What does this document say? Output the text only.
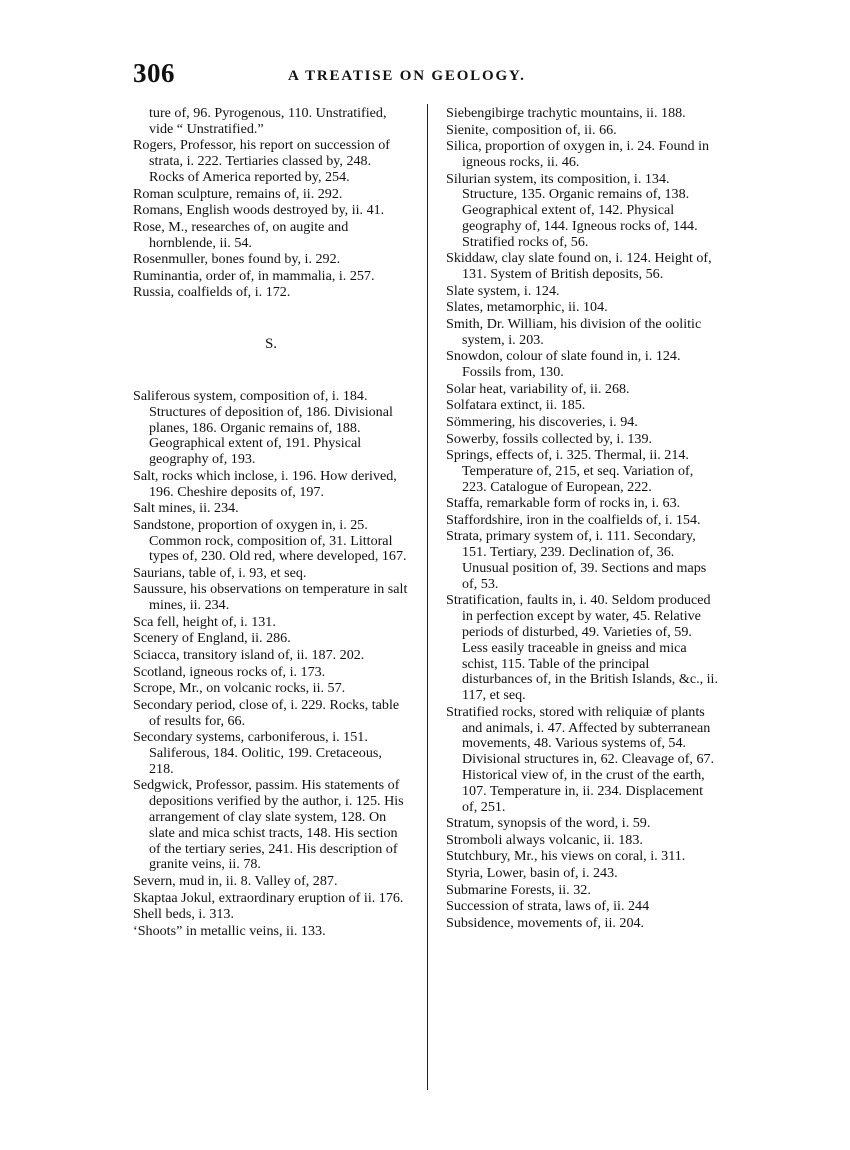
306	A TREATISE ON GEOLOGY.
ture of, 96. Pyrogenous, 110. Unstratified, vide “ Unstratified.”
Rogers, Professor, his report on succession of strata, i. 222. Tertiaries classed by, 248. Rocks of America reported by, 254.
Roman sculpture, remains of, ii. 292.
Romans, English woods destroyed by, ii. 41.
Rose, M., researches of, on augite and hornblende, ii. 54.
Rosenmuller, bones found by, i. 292.
Ruminantia, order of, in mammalia, i. 257.
Russia, coalfields of, i. 172.
S.
Saliferous system, composition of, i. 184. Structures of deposition of, 186. Divisional planes, 186. Organic remains of, 188. Geographical extent of, 191. Physical geography of, 193.
Salt, rocks which inclose, i. 196. How derived, 196. Cheshire deposits of, 197.
Salt mines, ii. 234.
Sandstone, proportion of oxygen in, i. 25. Common rock, composition of, 31. Littoral types of, 230. Old red, where developed, 167.
Saurians, table of, i. 93, et seq.
Saussure, his observations on temperature in salt mines, ii. 234.
Sca fell, height of, i. 131.
Scenery of England, ii. 286.
Sciacca, transitory island of, ii. 187. 202.
Scotland, igneous rocks of, i. 173.
Scrope, Mr., on volcanic rocks, ii. 57.
Secondary period, close of, i. 229. Rocks, table of results for, 66.
Secondary systems, carboniferous, i. 151. Saliferous, 184. Oolitic, 199. Cretaceous, 218.
Sedgwick, Professor, passim. His statements of depositions verified by the author, i. 125. His arrangement of clay slate system, 128. On slate and mica schist tracts, 148. His section of the tertiary series, 241. His description of granite veins, ii. 78.
Severn, mud in, ii. 8. Valley of, 287.
Skaptaa Jokul, extraordinary eruption of ii. 176.
Shell beds, i. 313.
‘Shoots” in metallic veins, ii. 133.
Siebengibirge trachytic mountains, ii. 188.
Sienite, composition of, ii. 66.
Silica, proportion of oxygen in, i. 24. Found in igneous rocks, ii. 46.
Silurian system, its composition, i. 134. Structure, 135. Organic remains of, 138. Geographical extent of, 142. Physical geography of, 144. Igneous rocks of, 144. Stratified rocks of, 56.
Skiddaw, clay slate found on, i. 124. Height of, 131. System of British deposits, 56.
Slate system, i. 124.
Slates, metamorphic, ii. 104.
Smith, Dr. William, his division of the oolitic system, i. 203.
Snowdon, colour of slate found in, i. 124. Fossils from, 130.
Solar heat, variability of, ii. 268.
Solfatara extinct, ii. 185.
Sömmering, his discoveries, i. 94.
Sowerby, fossils collected by, i. 139.
Springs, effects of, i. 325. Thermal, ii. 214. Temperature of, 215, et seq. Variation of, 223. Catalogue of European, 222.
Staffa, remarkable form of rocks in, i. 63.
Staffordshire, iron in the coalfields of, i. 154.
Strata, primary system of, i. 111. Secondary, 151. Tertiary, 239. Declination of, 36. Unusual position of, 39. Sections and maps of, 53.
Stratification, faults in, i. 40. Seldom produced in perfection except by water, 45. Relative periods of disturbed, 49. Varieties of, 59. Less easily traceable in gneiss and mica schist, 115. Table of the principal disturbances of, in the British Islands, &c., ii. 117, et seq.
Stratified rocks, stored with reliquiæ of plants and animals, i. 47. Affected by subterranean movements, 48. Various systems of, 54. Divisional structures in, 62. Cleavage of, 67. Historical view of, in the crust of the earth, 107. Temperature in, ii. 234. Displacement of, 251.
Stratum, synopsis of the word, i. 59.
Stromboli always volcanic, ii. 183.
Stutchbury, Mr., his views on coral, i. 311.
Styria, Lower, basin of, i. 243.
Submarine Forests, ii. 32.
Succession of strata, laws of, ii. 244
Subsidence, movements of, ii. 204.
